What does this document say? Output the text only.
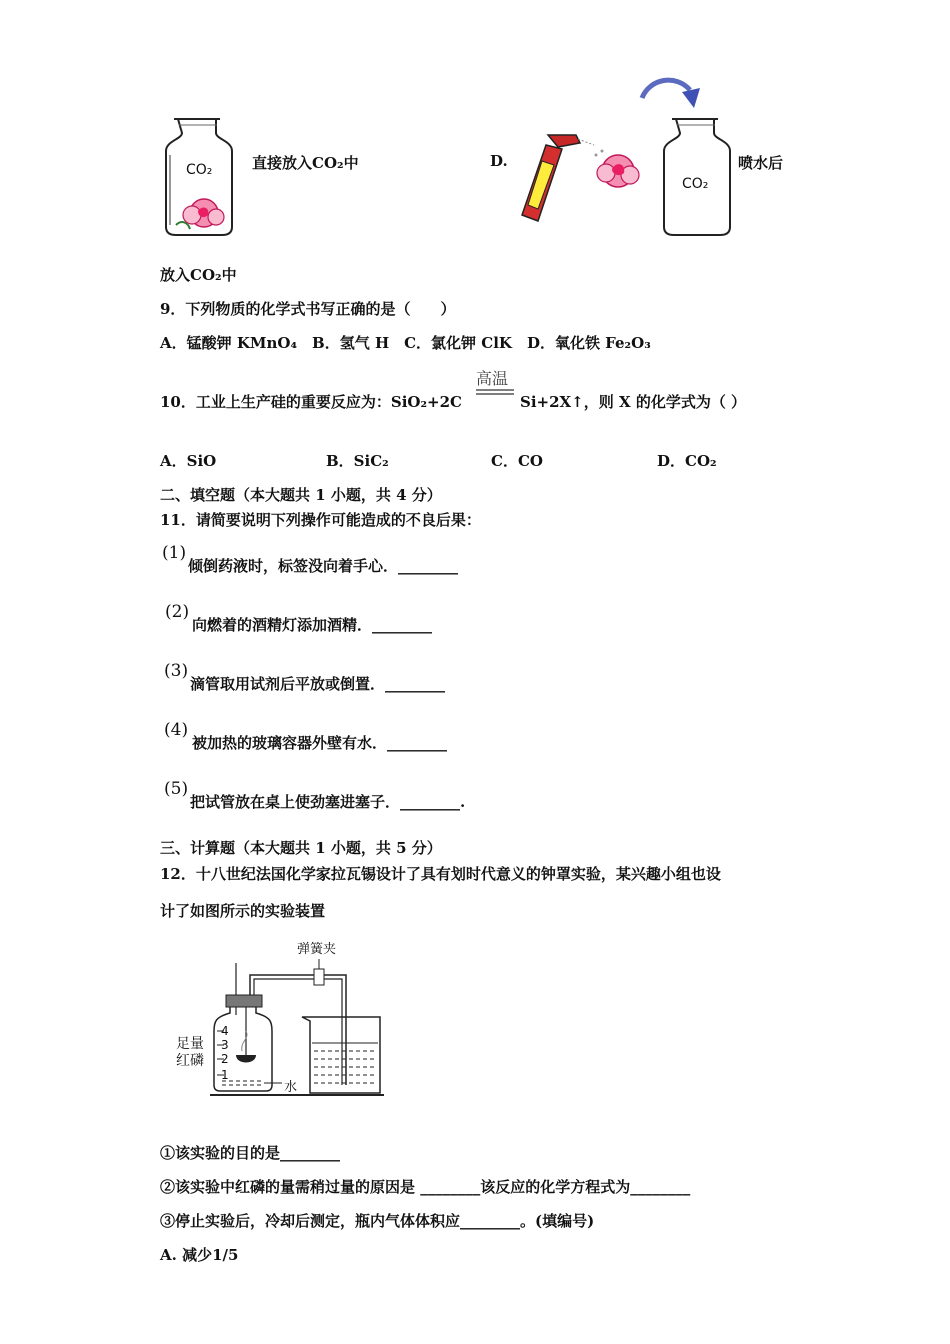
CO₂	直接放入CO₂中	D.
CO₂
喷水后
放入CO₂中
9．下列物质的化学式书写正确的是（　　）
A．锰酸钾 KMnO₄　B．氢气 H　C．氯化钾 ClK　D．氧化铁 Fe₂O₃
10．工业上生产硅的重要反应为：SiO₂+2C
高温
Si+2X↑，则 X 的化学式为（ ）
A．SiO	B．SiC₂	C．CO	D．CO₂
二、填空题（本大题共 1 小题，共 4 分）
11．请简要说明下列操作可能造成的不良后果：
(1)
倾倒药液时，标签没向着手心．________
(2)
向燃着的酒精灯添加酒精．________
(3)
滴管取用试剂后平放或倒置．________
(4)
被加热的玻璃容器外壁有水．________
(5)
把试管放在桌上使劲塞进塞子．________.
三、计算题（本大题共 1 小题，共 5 分）
12．十八世纪法国化学家拉瓦锡设计了具有划时代意义的钟罩实验，某兴趣小组也设
计了如图所示的实验装置
弹簧夹
足量
红磷
4
3
2
1
水
①该实验的目的是________
②该实验中红磷的量需稍过量的原因是 ________该反应的化学方程式为________
③停止实验后，冷却后测定，瓶内气体体积应________。(填编号)
A. 减少1/5
